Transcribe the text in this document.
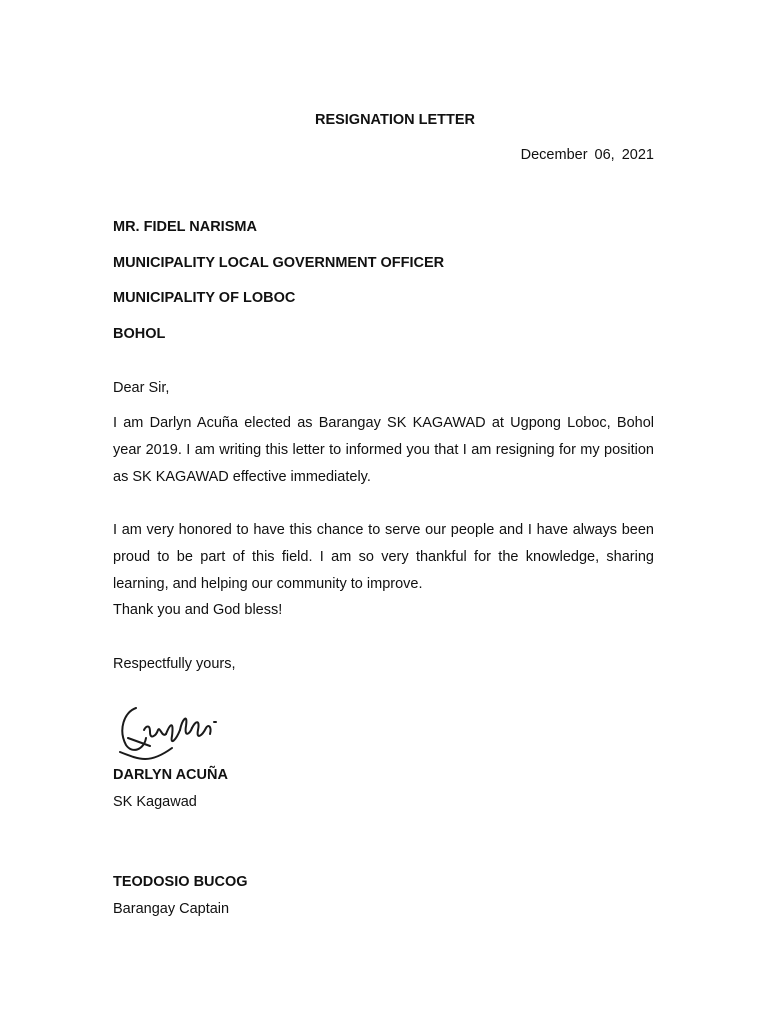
RESIGNATION LETTER
December 06, 2021
MR. FIDEL NARISMA
MUNICIPALITY LOCAL GOVERNMENT OFFICER
MUNICIPALITY OF LOBOC
BOHOL
Dear Sir,

I am Darlyn Acuña elected as Barangay SK KAGAWAD at Ugpong Loboc, Bohol year 2019. I am writing this letter to informed you that I am resigning for my position as SK KAGAWAD effective immediately.

I am very honored to have this chance to serve our people and I have always been proud to be part of this field. I am so very thankful for the knowledge, sharing learning, and helping our community to improve.

Thank you and God bless!

Respectfully yours,
DARLYN ACUÑA
SK Kagawad
TEODOSIO BUCOG
Barangay Captain
